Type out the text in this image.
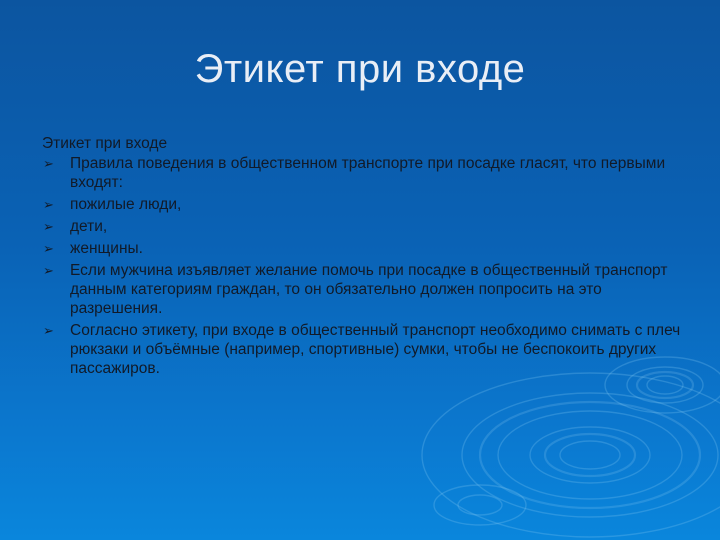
Этикет при входе
Этикет при входе
➢ Правила поведения в общественном транспорте при посадке гласят, что первыми входят:
➢ пожилые люди,
➢ дети,
➢ женщины.
➢ Если мужчина изъявляет желание помочь при посадке в общественный транспорт данным категориям граждан, то он обязательно должен попросить на это разрешения.
➢ Согласно этикету, при входе в общественный транспорт необходимо снимать с плеч рюкзаки и объёмные (например, спортивные) сумки, чтобы не беспокоить других пассажиров.
